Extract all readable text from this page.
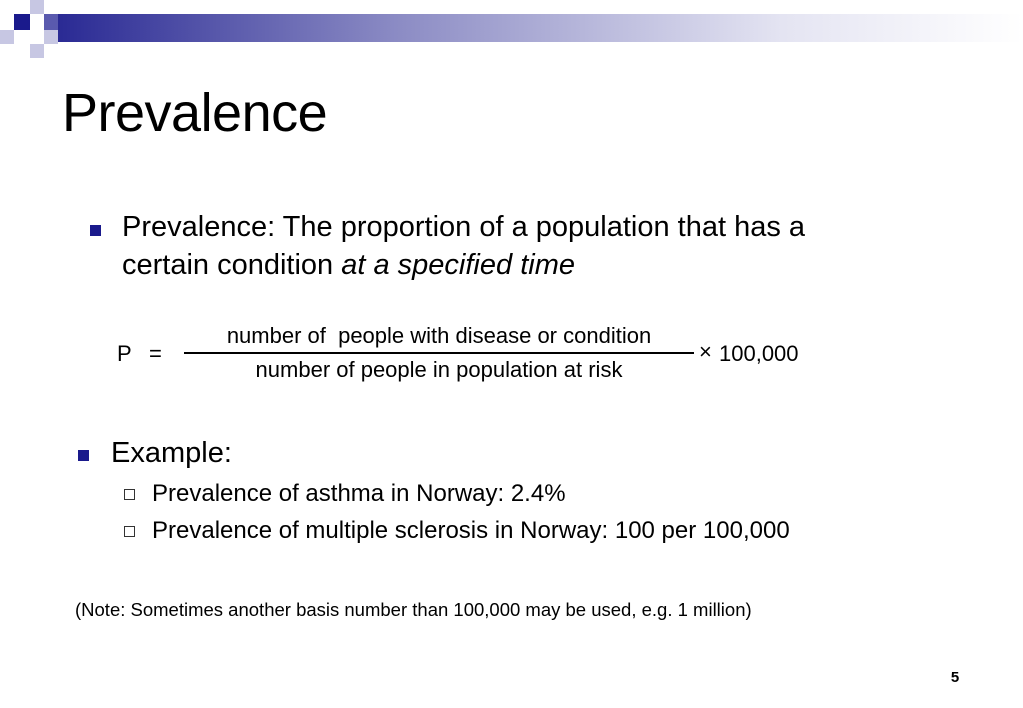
Prevalence
Prevalence: The proportion of a population that has a
certain condition at a specified time
P =
number of  people with disease or condition
number of people in population at risk
× 100,000
Example:
Prevalence of asthma in Norway: 2.4%
Prevalence of multiple sclerosis in Norway: 100 per 100,000
(Note: Sometimes another basis number than 100,000 may be used, e.g. 1 million)
5
